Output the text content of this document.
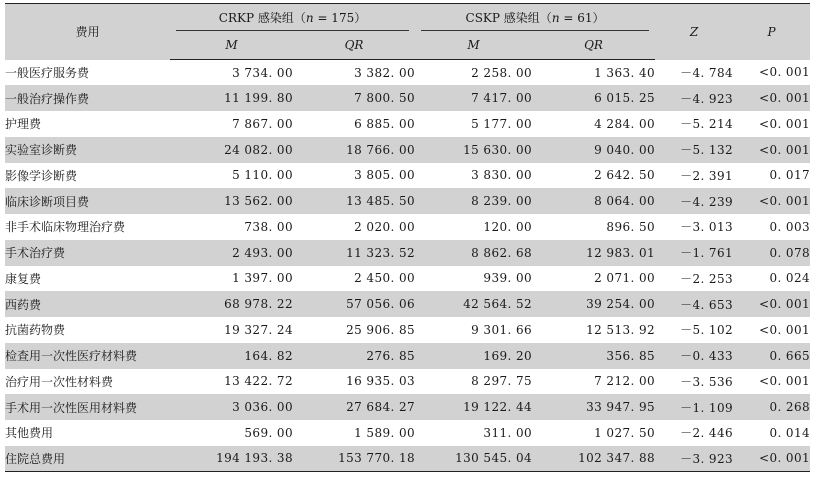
费用	CRKP 感染组（n = 175）		CSKP 感染组（n = 61）		Z	P
	M	QR	M	QR		
一般医疗服务费	3 734. 00	3 382. 00	2 258. 00	1 363. 40	－4. 784	<0. 001
一般治疗操作费	11 199. 80	7 800. 50	7 417. 00	6 015. 25	－4. 923	<0. 001
护理费	7 867. 00	6 885. 00	5 177. 00	4 284. 00	－5. 214	<0. 001
实验室诊断费	24 082. 00	18 766. 00	15 630. 00	9 040. 00	－5. 132	<0. 001
影像学诊断费	5 110. 00	3 805. 00	3 830. 00	2 642. 50	－2. 391	0. 017
临床诊断项目费	13 562. 00	13 485. 50	8 239. 00	8 064. 00	－4. 239	<0. 001
非手术临床物理治疗费	738. 00	2 020. 00	120. 00	896. 50	－3. 013	0. 003
手术治疗费	2 493. 00	11 323. 52	8 862. 68	12 983. 01	－1. 761	0. 078
康复费	1 397. 00	2 450. 00	939. 00	2 071. 00	－2. 253	0. 024
西药费	68 978. 22	57 056. 06	42 564. 52	39 254. 00	－4. 653	<0. 001
抗菌药物费	19 327. 24	25 906. 85	9 301. 66	12 513. 92	－5. 102	<0. 001
检查用一次性医疗材料费	164. 82	276. 85	169. 20	356. 85	－0. 433	0. 665
治疗用一次性材料费	13 422. 72	16 935. 03	8 297. 75	7 212. 00	－3. 536	<0. 001
手术用一次性医用材料费	3 036. 00	27 684. 27	19 122. 44	33 947. 95	－1. 109	0. 268
其他费用	569. 00	1 589. 00	311. 00	1 027. 50	－2. 446	0. 014
住院总费用	194 193. 38	153 770. 18	130 545. 04	102 347. 88	－3. 923	<0. 001
